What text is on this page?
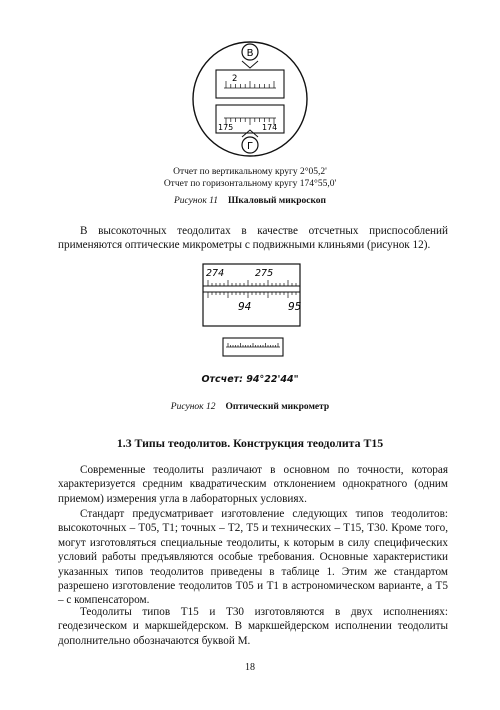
В
2
175	174
Г
Отчет по вертикальному кругу 2°05,2'
Отчет по горизонтальному кругу 174°55,0'
Рисунок 11 Шкаловый микроскоп
В высокоточных теодолитах в качестве отсчетных приспособлений применяются оптические микрометры с подвижными клиньями (рисунок 12).
274	275
94	95
Отсчет: 94°22'44"
Рисунок 12 Оптический микрометр
1.3 Типы теодолитов. Конструкция теодолита Т15
Современные теодолиты различают в основном по точности, которая характеризуется средним квадратическим отклонением однократного (одним приемом) измерения угла в лабораторных условиях.
Стандарт предусматривает изготовление следующих типов теодолитов: высокоточных – Т05, Т1; точных – Т2, Т5 и технических – Т15, Т30. Кроме того, могут изготовляться специальные теодолиты, к которым в силу специфических условий работы предъявляются особые требования. Основные характеристики указанных типов теодолитов приведены в таблице 1. Этим же стандартом разрешено изготовление теодолитов Т05 и Т1 в астрономическом варианте, а Т5 – с компенсатором.
Теодолиты типов Т15 и Т30 изготовляются в двух исполнениях: геодезическом и маркшейдерском. В маркшейдерском исполнении теодолиты дополнительно обозначаются буквой М.
18
